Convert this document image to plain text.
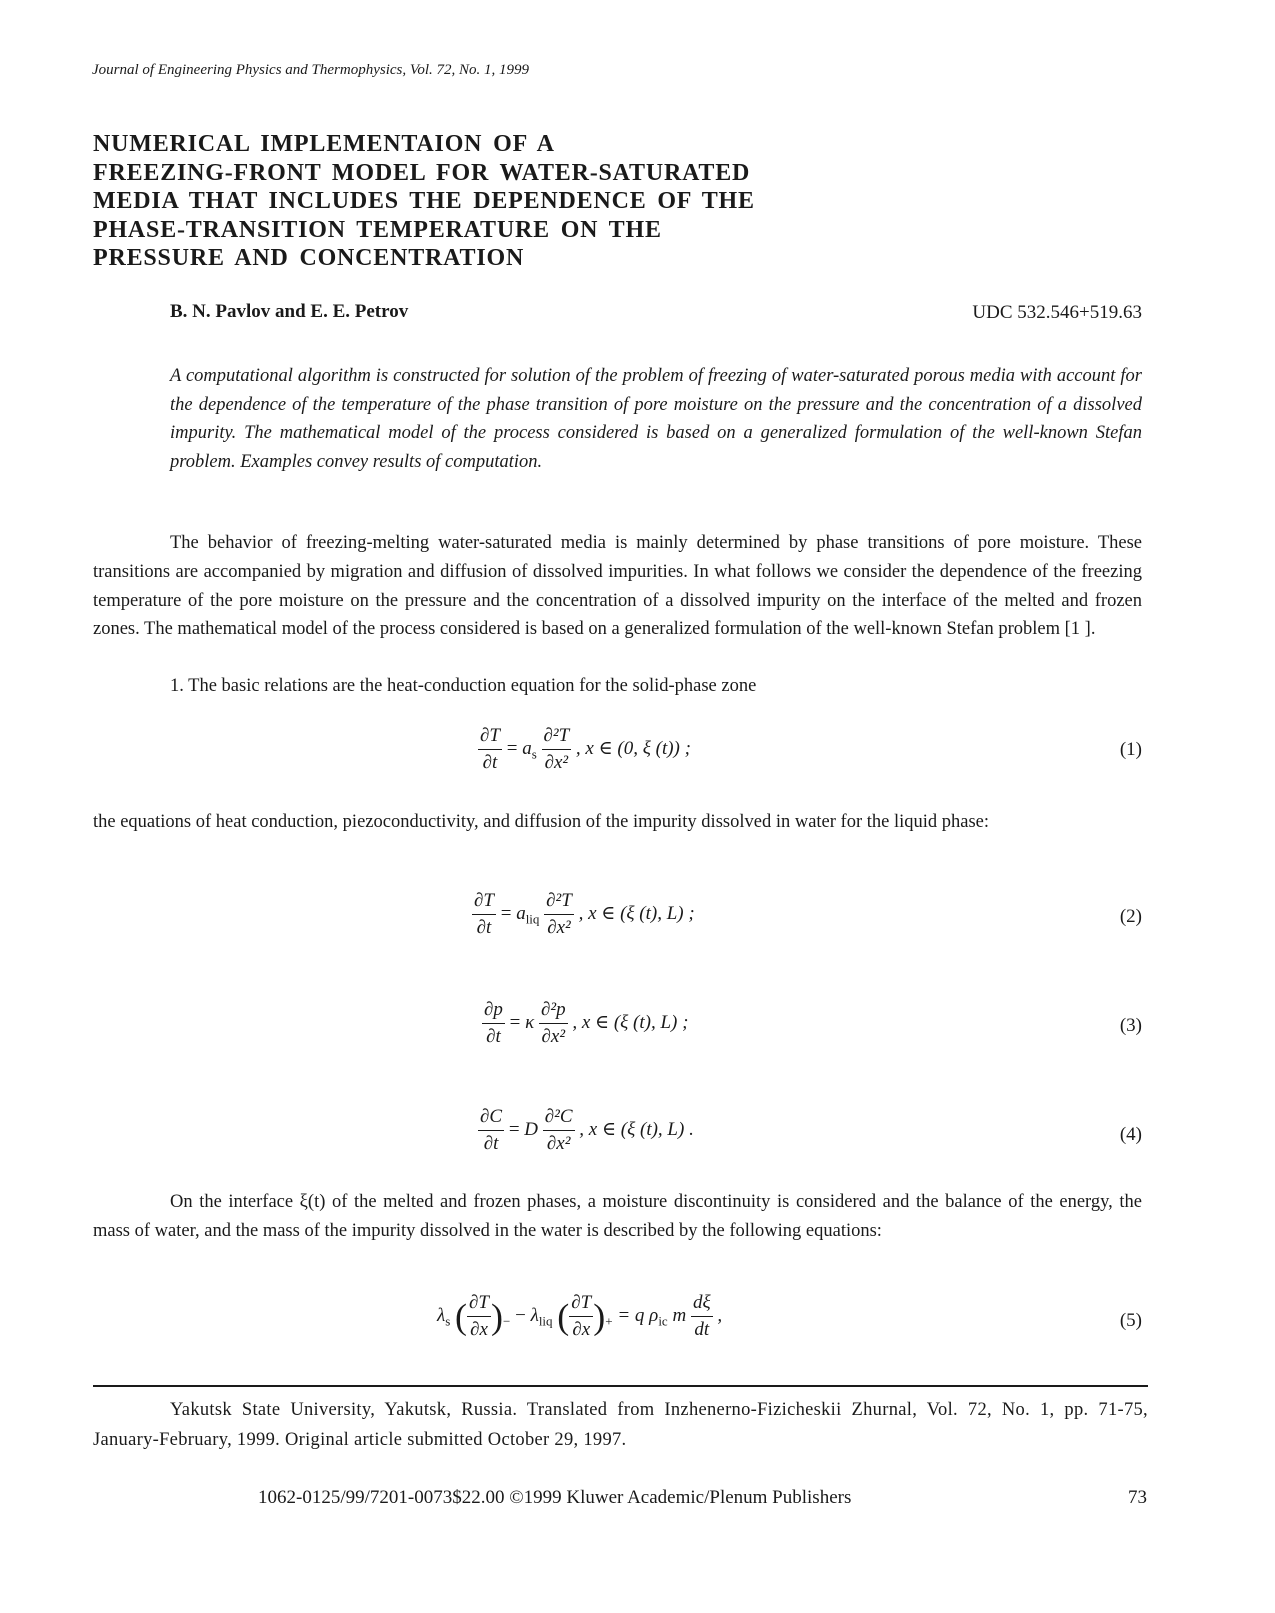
Journal of Engineering Physics and Thermophysics, Vol. 72, No. 1, 1999
NUMERICAL IMPLEMENTAION OF A
FREEZING-FRONT MODEL FOR WATER-SATURATED
MEDIA THAT INCLUDES THE DEPENDENCE OF THE
PHASE-TRANSITION TEMPERATURE ON THE
PRESSURE AND CONCENTRATION
B. N. Pavlov and E. E. Petrov	UDC 532.546+519.63
A computational algorithm is constructed for solution of the problem of freezing of water-saturated porous media with account for the dependence of the temperature of the phase transition of pore moisture on the pressure and the concentration of a dissolved impurity. The mathematical model of the process considered is based on a generalized formulation of the well-known Stefan problem. Examples convey results of computation.
The behavior of freezing-melting water-saturated media is mainly determined by phase transitions of pore moisture. These transitions are accompanied by migration and diffusion of dissolved impurities. In what follows we consider the dependence of the freezing temperature of the pore moisture on the pressure and the concentration of a dissolved impurity on the interface of the melted and frozen zones. The mathematical model of the process considered is based on a generalized formulation of the well-known Stefan problem [1 ].
1. The basic relations are the heat-conduction equation for the solid-phase zone
$\frac{\partial T}{\partial t} = a_s \frac{\text{∂²T}}{\text{∂x²}}$ , x ∈ (0, ξ (t)) ;	(1)
the equations of heat conduction, piezoconductivity, and diffusion of the impurity dissolved in water for the liquid phase:
$\frac{\partial T}{\partial t} = a_{liq} \frac{\text{∂²T}}{\text{∂x²}}$ , x ∈ (ξ (t), L) ;	(2)
$\frac{\partial p}{\partial t} = \kappa \frac{\text{∂²p}}{\text{∂x²}}$ , x ∈ (ξ (t), L) ;	(3)
$\frac{\partial C}{\partial t} = D \frac{\text{∂²C}}{\text{∂x²}}$ , x ∈ (ξ (t), L) .	(4)
On the interface ξ(t) of the melted and frozen phases, a moisture discontinuity is considered and the balance of the energy, the mass of water, and the mass of the impurity dissolved in the water is described by the following equations:
$\lambda_s$ ( $\frac{\partial T}{\partial x} )_- - \lambda_{liq}$ ( $\frac{\partial T}{\partial x} )_+ = q$ $\rho_{ic}$ m $\frac{d\xi}{dt}$ ,	(5)
Yakutsk State University, Yakutsk, Russia. Translated from Inzhenerno-Fizicheskii Zhurnal, Vol. 72, No. 1, pp. 71-75, January-February, 1999. Original article submitted October 29, 1997.
1062-0125/99/7201-0073$22.00 ©1999 Kluwer Academic/Plenum Publishers	73
